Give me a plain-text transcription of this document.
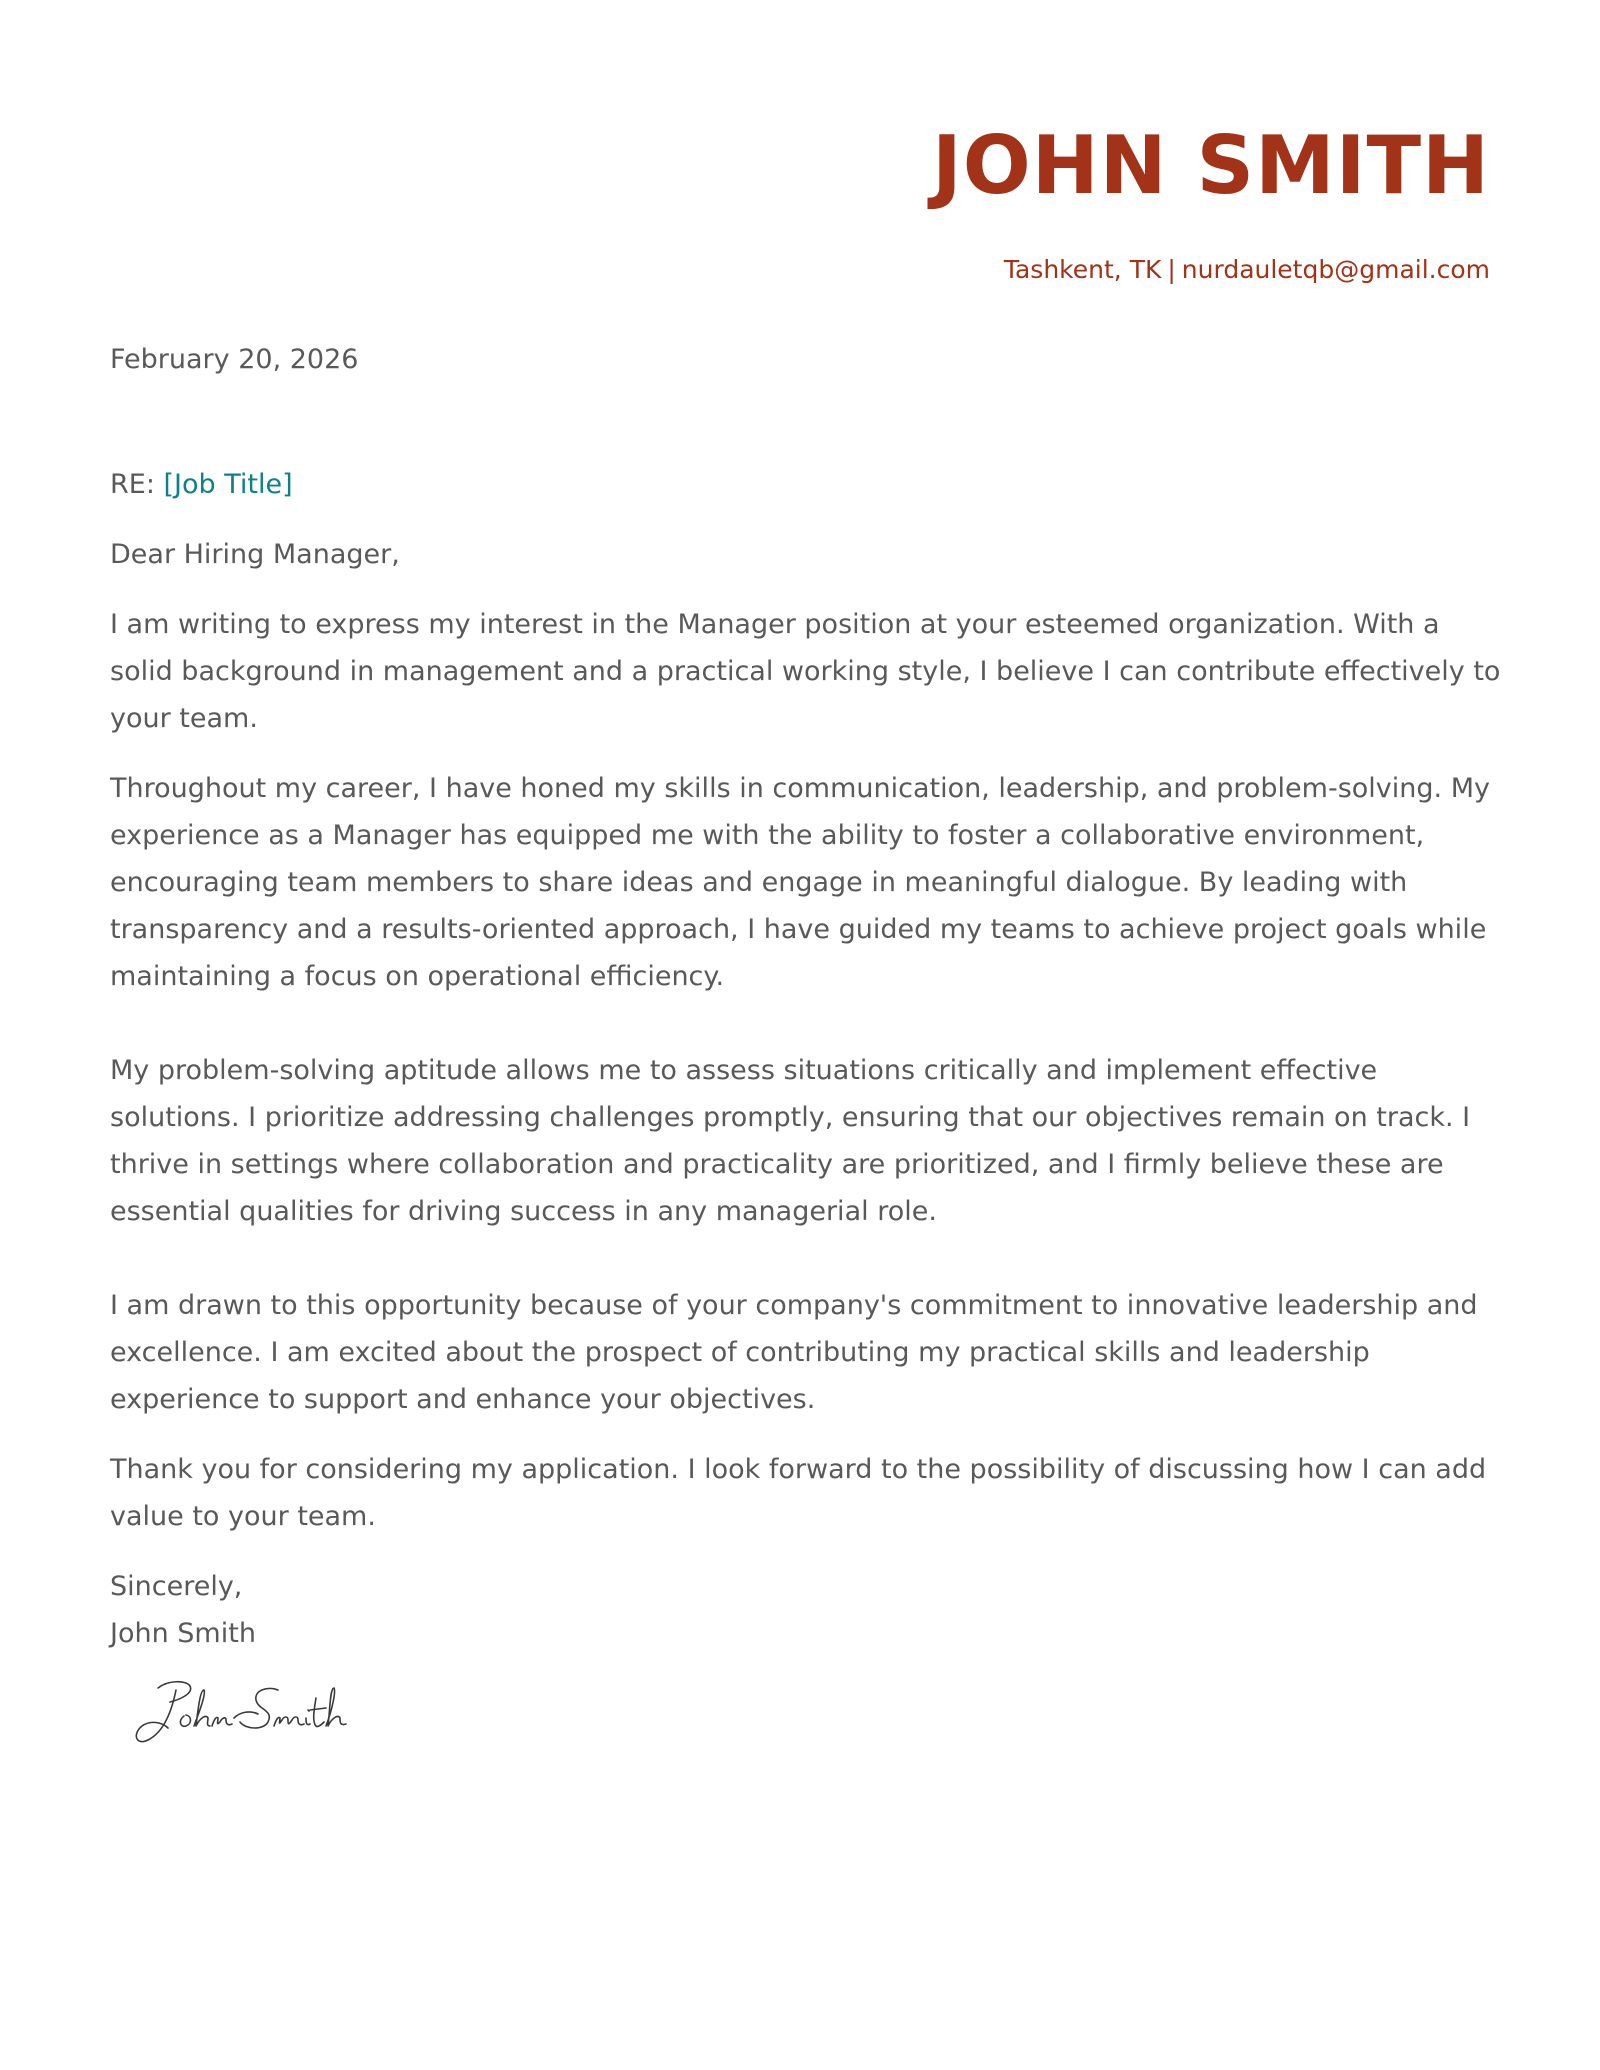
JOHN SMITH
Tashkent, TK | nurdauletqb@gmail.com

February 20, 2026

RE: [Job Title]

Dear Hiring Manager,

I am writing to express my interest in the Manager position at your esteemed organization. With a solid background in management and a practical working style, I believe I can contribute effectively to your team.

Throughout my career, I have honed my skills in communication, leadership, and problem-solving. My experience as a Manager has equipped me with the ability to foster a collaborative environment, encouraging team members to share ideas and engage in meaningful dialogue. By leading with transparency and a results-oriented approach, I have guided my teams to achieve project goals while maintaining a focus on operational efficiency.

My problem-solving aptitude allows me to assess situations critically and implement effective solutions. I prioritize addressing challenges promptly, ensuring that our objectives remain on track. I thrive in settings where collaboration and practicality are prioritized, and I firmly believe these are essential qualities for driving success in any managerial role.

I am drawn to this opportunity because of your company's commitment to innovative leadership and excellence. I am excited about the prospect of contributing my practical skills and leadership experience to support and enhance your objectives.

Thank you for considering my application. I look forward to the possibility of discussing how I can add value to your team.

Sincerely,
John Smith
